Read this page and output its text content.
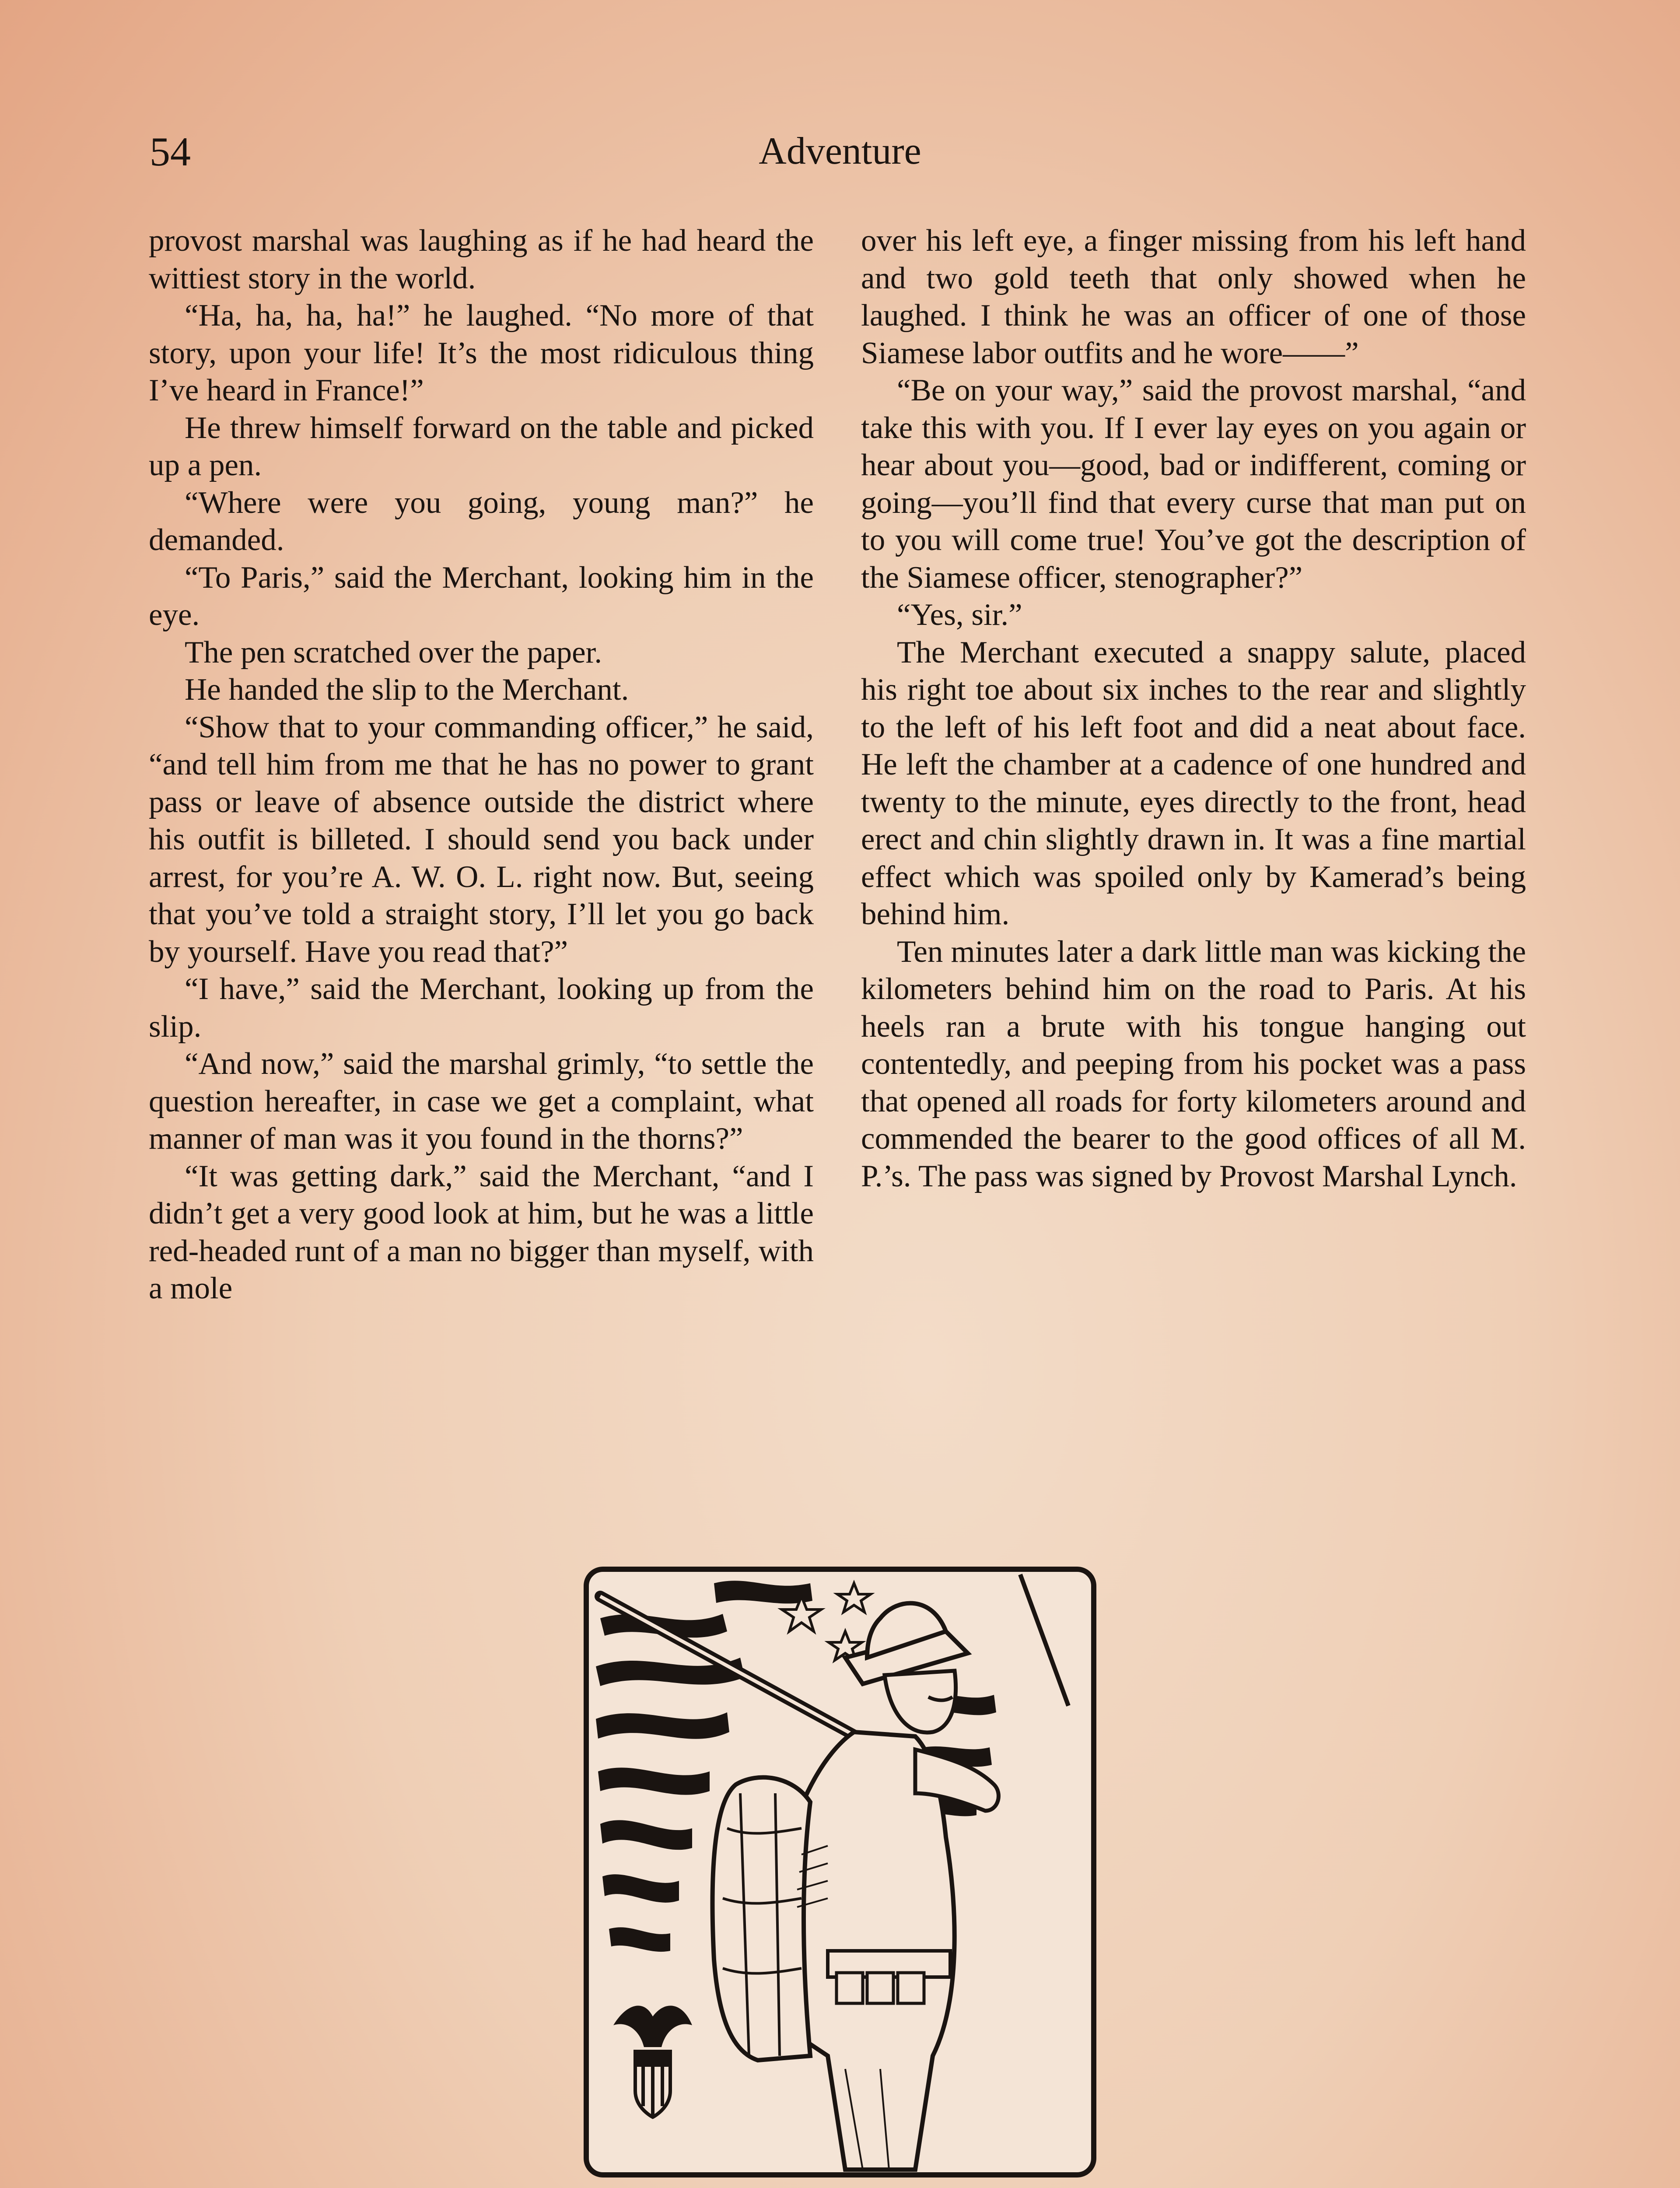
54	Adventure

provost marshal was laughing as if he had heard the wittiest story in the world.

“Ha, ha, ha, ha!” he laughed. “No more of that story, upon your life! It’s the most ridiculous thing I’ve heard in France!”

He threw himself forward on the table and picked up a pen.

“Where were you going, young man?” he demanded.

“To Paris,” said the Merchant, looking him in the eye.

The pen scratched over the paper.

He handed the slip to the Merchant.

“Show that to your commanding officer,” he said, “and tell him from me that he has no power to grant pass or leave of absence outside the district where his outfit is billeted. I should send you back under arrest, for you’re A. W. O. L. right now. But, seeing that you’ve told a straight story, I’ll let you go back by yourself. Have you read that?”

“I have,” said the Merchant, looking up from the slip.

“And now,” said the marshal grimly, “to settle the question hereafter, in case we get a complaint, what manner of man was it you found in the thorns?”

“It was getting dark,” said the Merchant, “and I didn’t get a very good look at him, but he was a little red-headed runt of a man no bigger than myself, with a mole

over his left eye, a finger missing from his left hand and two gold teeth that only showed when he laughed. I think he was an officer of one of those Siamese labor outfits and he wore——”

“Be on your way,” said the provost marshal, “and take this with you. If I ever lay eyes on you again or hear about you—good, bad or indifferent, coming or going—you’ll find that every curse that man put on to you will come true! You’ve got the description of the Siamese officer, stenographer?”

“Yes, sir.”

The Merchant executed a snappy salute, placed his right toe about six inches to the rear and slightly to the left of his left foot and did a neat about face. He left the chamber at a cadence of one hundred and twenty to the minute, eyes directly to the front, head erect and chin slightly drawn in. It was a fine martial effect which was spoiled only by Kamerad’s being behind him.

Ten minutes later a dark little man was kicking the kilometers behind him on the road to Paris. At his heels ran a brute with his tongue hanging out contentedly, and peeping from his pocket was a pass that opened all roads for forty kilometers around and commended the bearer to the good offices of all M. P.’s. The pass was signed by Provost Marshal Lynch.
